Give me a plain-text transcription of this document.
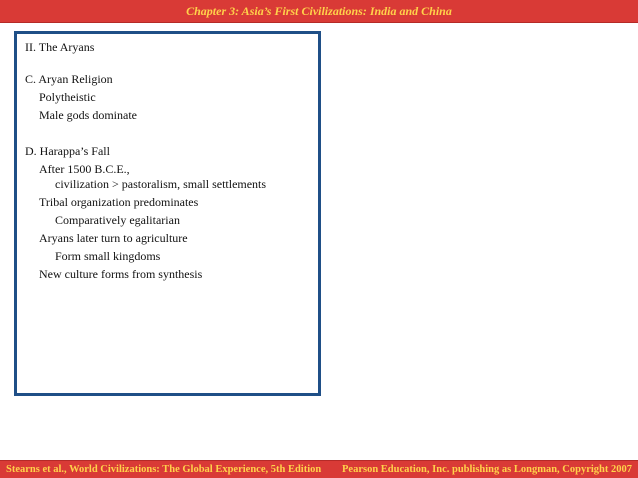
Chapter 3: Asia’s First Civilizations: India and China
II. The Aryans
C. Aryan Religion
Polytheistic
Male gods dominate
D. Harappa’s Fall
After 1500 B.C.E.,
civilization > pastoralism, small settlements
Tribal organization predominates
Comparatively egalitarian
Aryans later turn to agriculture
Form small kingdoms
New culture forms from synthesis
Stearns et al., World Civilizations: The Global Experience, 5th Edition Pearson Education, Inc. publishing as Longman, Copyright 2007
